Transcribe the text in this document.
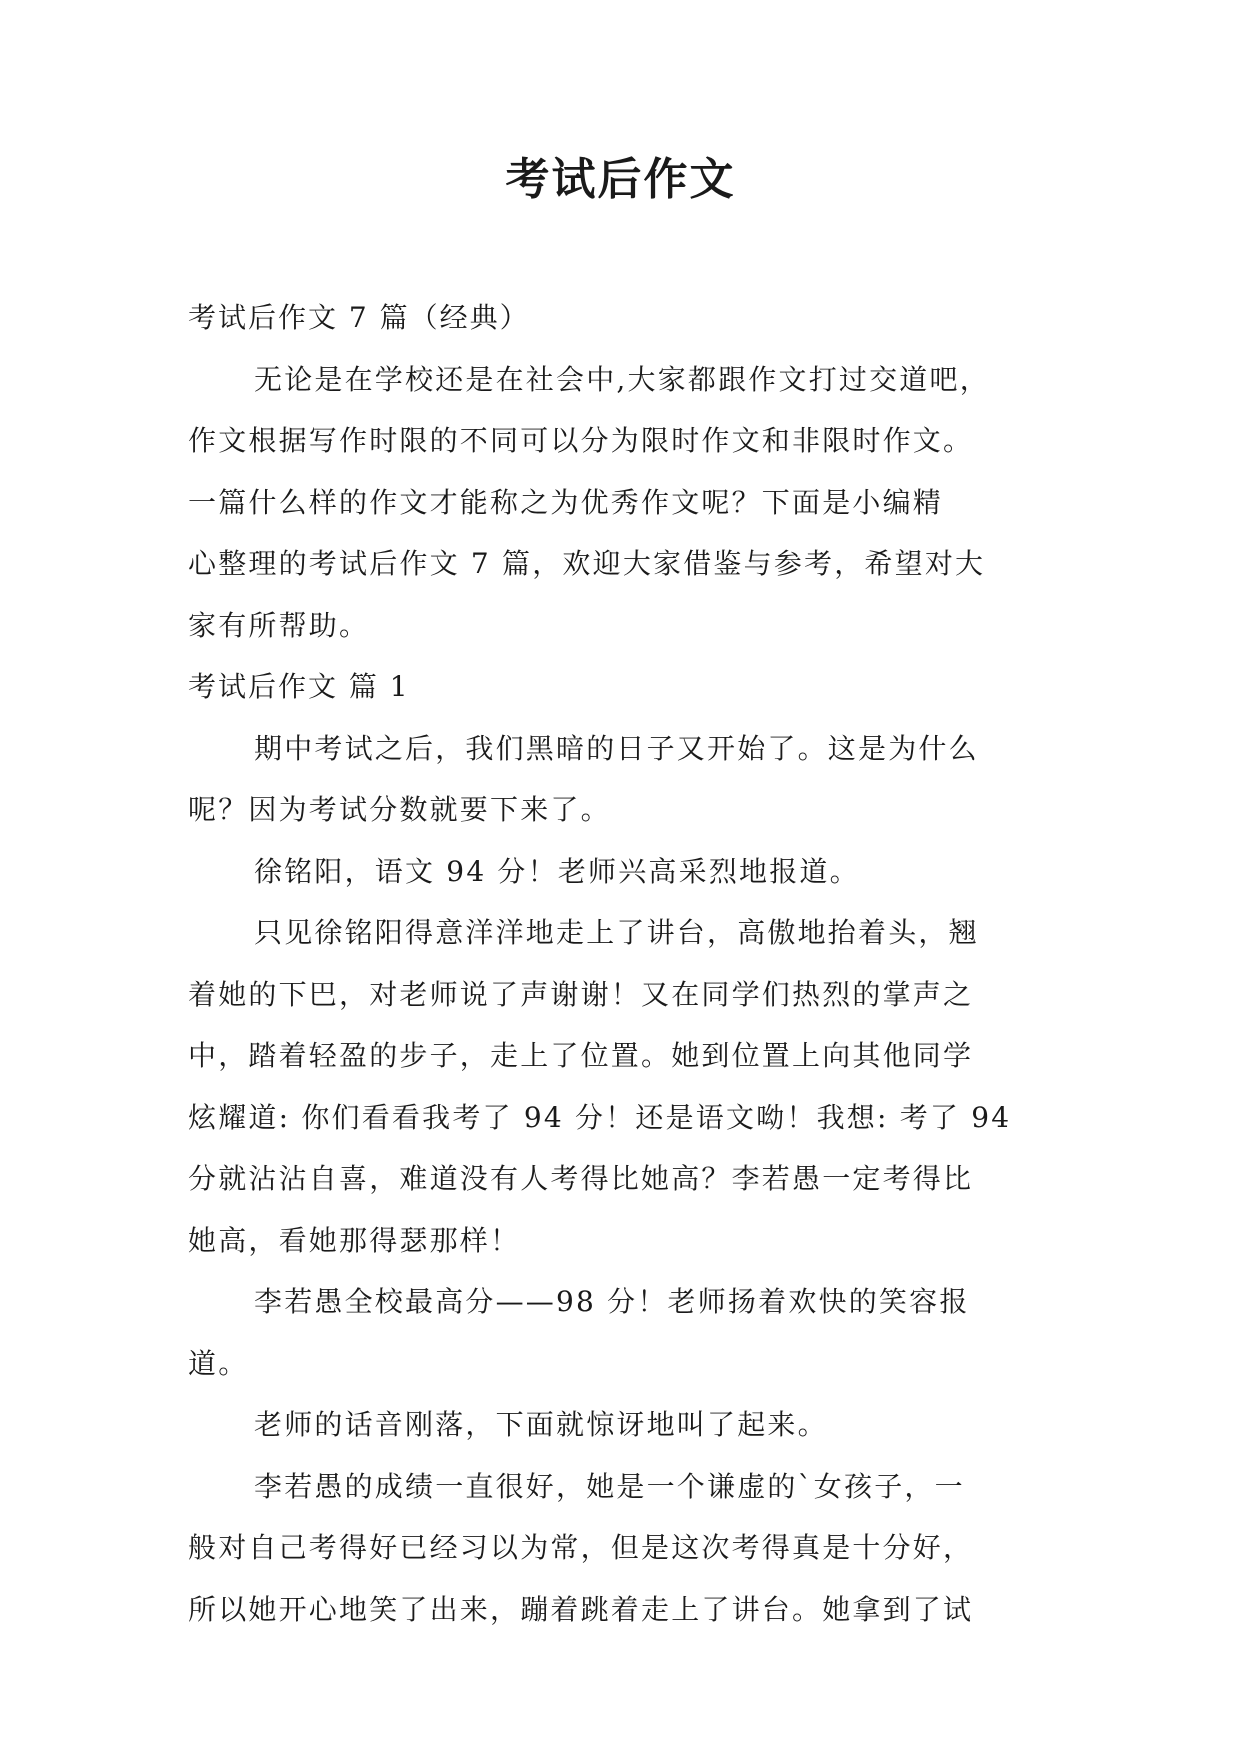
考试后作文
考试后作文 7 篇（经典）
无论是在学校还是在社会中,大家都跟作文打过交道吧，
作文根据写作时限的不同可以分为限时作文和非限时作文。
一篇什么样的作文才能称之为优秀作文呢？下面是小编精
心整理的考试后作文 7 篇，欢迎大家借鉴与参考，希望对大
家有所帮助。
考试后作文 篇 1
期中考试之后，我们黑暗的日子又开始了。这是为什么
呢？因为考试分数就要下来了。
徐铭阳，语文 94 分！老师兴高采烈地报道。
只见徐铭阳得意洋洋地走上了讲台，高傲地抬着头，翘
着她的下巴，对老师说了声谢谢！又在同学们热烈的掌声之
中，踏着轻盈的步子，走上了位置。她到位置上向其他同学
炫耀道: 你们看看我考了 94 分！还是语文呦！我想: 考了 94
分就沾沾自喜，难道没有人考得比她高？李若愚一定考得比
她高，看她那得瑟那样！
李若愚全校最高分——98 分！老师扬着欢快的笑容报
道。
老师的话音刚落，下面就惊讶地叫了起来。
李若愚的成绩一直很好，她是一个谦虚的`女孩子，一
般对自己考得好已经习以为常，但是这次考得真是十分好，
所以她开心地笑了出来，蹦着跳着走上了讲台。她拿到了试
